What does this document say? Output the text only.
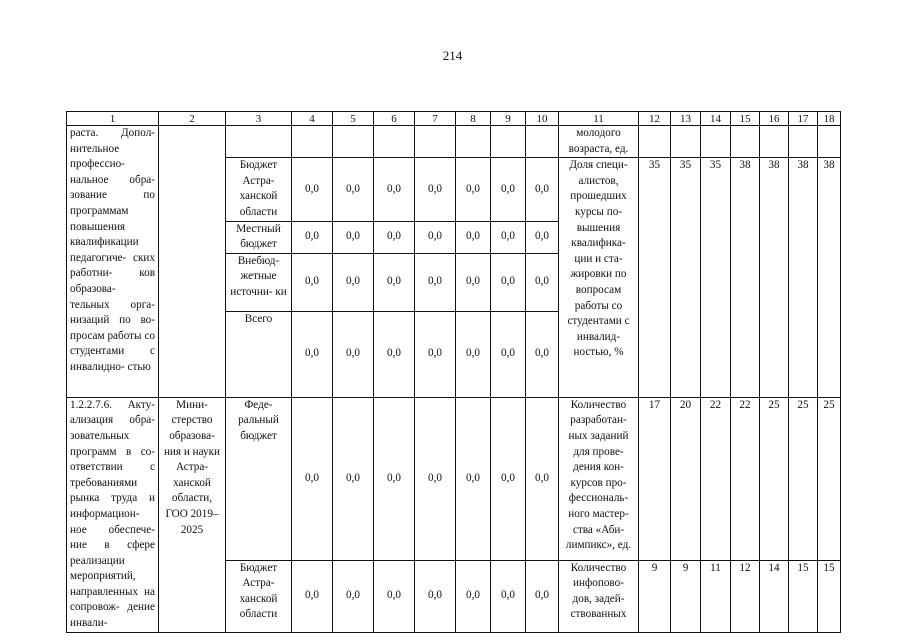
214
1	2	3	4	5	6	7	8	9	10	11	12	13	14	15	16	17	18
раста. Допол- нительное профессио- нальное обра- зование по программам повышения квалификации педагогиче- ских работни- ков образова- тельных орга- низаций по во- просам работы со студентами с инвалидно- стью										молодого возраста, ед.							
		Бюджет Астра- ханской области	0,0	0,0	0,0	0,0	0,0	0,0	0,0	Доля специ- алистов, прошедших курсы по- вышения квалифика- ции и ста- жировки по вопросам работы со студентами с инвалид- ностью, %	35	35	35	38	38	38	38
		Местный бюджет	0,0	0,0	0,0	0,0	0,0	0,0	0,0								
		Внебюд- жетные источни- ки	0,0	0,0	0,0	0,0	0,0	0,0	0,0								
		Всего	0,0	0,0	0,0	0,0	0,0	0,0	0,0								
1.2.2.7.6. Акту- ализация обра- зовательных программ в со- ответствии с требованиями рынка труда и информацион- ное обеспече- ние в сфере реализации мероприятий, направленных на сопровож- дение инвали-	Мини- стерство образова- ния и науки Астра- ханской области, ГОО 2019– 2025	Феде- ральный бюджет	0,0	0,0	0,0	0,0	0,0	0,0	0,0	Количество разработан- ных заданий для прове- дения кон- курсов про- фессиональ- ного мастер- ства «Аби- лимпикс», ед.	17	20	22	22	25	25	25
		Бюджет Астра- ханской области	0,0	0,0	0,0	0,0	0,0	0,0	0,0	Количество инфопово- дов, задей- ствованных	9	9	11	12	14	15	15
